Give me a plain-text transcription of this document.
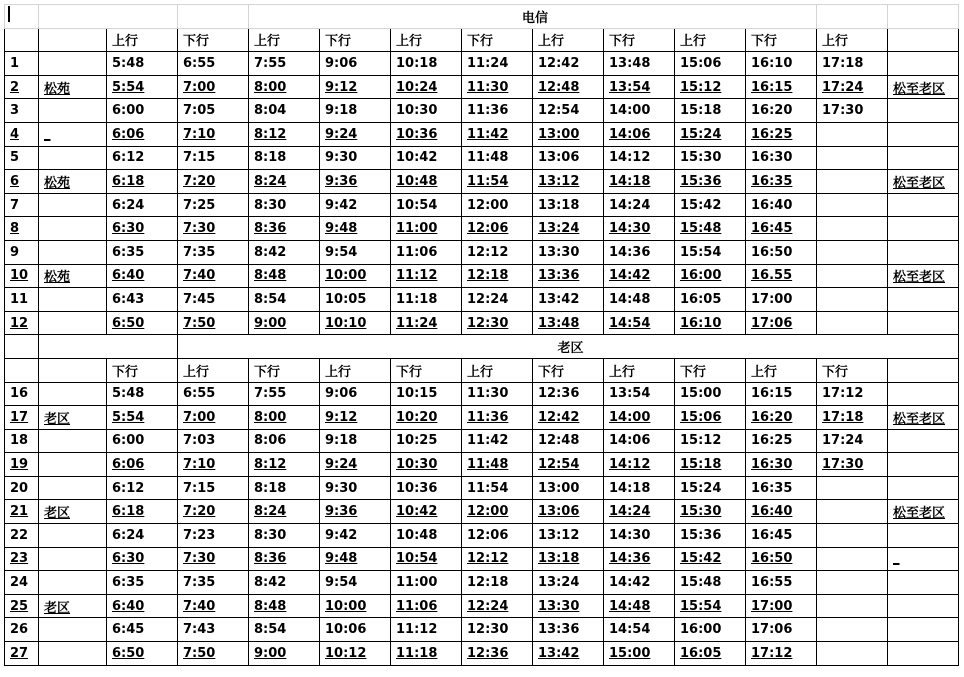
				电信									
		上行	下行	上行	下行	上行	下行	上行	下行	上行	下行	上行	
1		5:48	6:55	7:55	9:06	10:18	11:24	12:42	13:48	15:06	16:10	17:18	
2	松苑	5:54	7:00	8:00	9:12	10:24	11:30	12:48	13:54	15:12	16:15	17:24	松至老区
3		6:00	7:05	8:04	9:18	10:30	11:36	12:54	14:00	15:18	16:20	17:30	
4	_	6:06	7:10	8:12	9:24	10:36	11:42	13:00	14:06	15:24	16:25		
5		6:12	7:15	8:18	9:30	10:42	11:48	13:06	14:12	15:30	16:30		
6	松苑	6:18	7:20	8:24	9:36	10:48	11:54	13:12	14:18	15:36	16:35		松至老区
7		6:24	7:25	8:30	9:42	10:54	12:00	13:18	14:24	15:42	16:40		
8		6:30	7:30	8:36	9:48	11:00	12:06	13:24	14:30	15:48	16:45		
9		6:35	7:35	8:42	9:54	11:06	12:12	13:30	14:36	15:54	16:50		
10	松苑	6:40	7:40	8:48	10:00	11:12	12:18	13:36	14:42	16:00	16.55		松至老区
11		6:43	7:45	8:54	10:05	11:18	12:24	13:42	14:48	16:05	17:00		
12		6:50	7:50	9:00	10:10	11:24	12:30	13:48	14:54	16:10	17:06		
			老区										
		下行	上行	下行	上行	下行	上行	下行	上行	下行	上行	下行	
16		5:48	6:55	7:55	9:06	10:15	11:30	12:36	13:54	15:00	16:15	17:12	
17	老区	5:54	7:00	8:00	9:12	10:20	11:36	12:42	14:00	15:06	16:20	17:18	松至老区
18		6:00	7:03	8:06	9:18	10:25	11:42	12:48	14:06	15:12	16:25	17:24	
19		6:06	7:10	8:12	9:24	10:30	11:48	12:54	14:12	15:18	16:30	17:30	
20		6:12	7:15	8:18	9:30	10:36	11:54	13:00	14:18	15:24	16:35		
21	老区	6:18	7:20	8:24	9:36	10:42	12:00	13:06	14:24	15:30	16:40		松至老区
22		6:24	7:23	8:30	9:42	10:48	12:06	13:12	14:30	15:36	16:45		
23		6:30	7:30	8:36	9:48	10:54	12:12	13:18	14:36	15:42	16:50		_
24		6:35	7:35	8:42	9:54	11:00	12:18	13:24	14:42	15:48	16:55		
25	老区	6:40	7:40	8:48	10:00	11:06	12:24	13:30	14:48	15:54	17:00		
26		6:45	7:43	8:54	10:06	11:12	12:30	13:36	14:54	16:00	17:06		
27		6:50	7:50	9:00	10:12	11:18	12:36	13:42	15:00	16:05	17:12		
